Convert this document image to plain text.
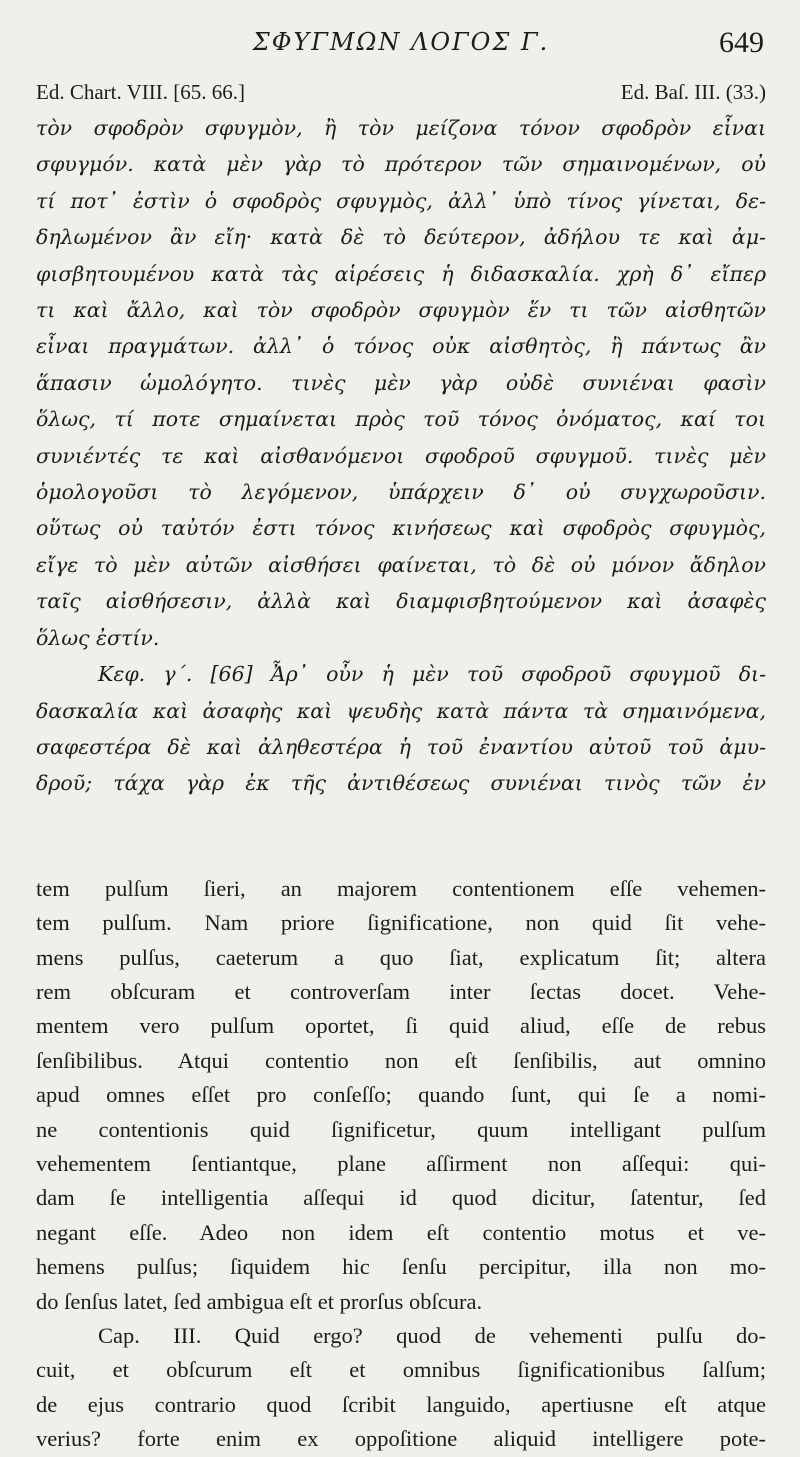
ΣΦΥΓΜΩΝ ΛΟΓΟΣ Γ.	649
Ed. Chart. VIII. [65. 66.]	Ed. Baſ. III. (33.)
τὸν σφοδρὸν σφυγμὸν, ἢ τὸν μείζονα τόνον σφοδρὸν εἶναι
σφυγμόν. κατὰ μὲν γὰρ τὸ πρότερον τῶν σημαινομένων, οὐ
τί ποτ᾿ ἐστὶν ὁ σφοδρὸς σφυγμὸς, ἀλλ᾿ ὑπὸ τίνος γίνεται, δε-
δηλωμένον ἂν εἴη· κατὰ δὲ τὸ δεύτερον, ἀδήλου τε καὶ ἀμ-
φισβητουμένου κατὰ τὰς αἱρέσεις ἡ διδασκαλία. χρὴ δ᾿ εἴπερ
τι καὶ ἄλλο, καὶ τὸν σφοδρὸν σφυγμὸν ἕν τι τῶν αἰσθητῶν
εἶναι πραγμάτων. ἀλλ᾿ ὁ τόνος οὐκ αἰσθητὸς, ἢ πάντως ἂν
ἅπασιν ὡμολόγητο. τινὲς μὲν γὰρ οὐδὲ συνιέναι φασὶν
ὅλως, τί ποτε σημαίνεται πρὸς τοῦ τόνος ὀνόματος, καί τοι
συνιέντές τε καὶ αἰσθανόμενοι σφοδροῦ σφυγμοῦ. τινὲς μὲν
ὁμολογοῦσι τὸ λεγόμενον, ὑπάρχειν δ᾿ οὐ συγχωροῦσιν.
οὕτως οὐ ταὐτόν ἐστι τόνος κινήσεως καὶ σφοδρὸς σφυγμὸς,
εἴγε τὸ μὲν αὐτῶν αἰσθήσει φαίνεται, τὸ δὲ οὐ μόνον ἄδηλον
ταῖς αἰσθήσεσιν, ἀλλὰ καὶ διαμφισβητούμενον καὶ ἀσαφὲς
ὅλως ἐστίν.
Κεφ. γ΄. [66] Ἆρ᾿ οὖν ἡ μὲν τοῦ σφοδροῦ σφυγμοῦ δι-
δασκαλία καὶ ἀσαφὴς καὶ ψευδὴς κατὰ πάντα τὰ σημαινόμενα,
σαφεστέρα δὲ καὶ ἀληθεστέρα ἡ τοῦ ἐναντίου αὐτοῦ τοῦ ἀμυ-
δροῦ; τάχα γὰρ ἐκ τῆς ἀντιθέσεως συνιέναι τινὸς τῶν ἐν
tem pulſum ſieri, an majorem contentionem eſſe vehemen-
tem pulſum. Nam priore ſignificatione, non quid ſit vehe-
mens pulſus, caeterum a quo ſiat, explicatum ſit; altera
rem obſcuram et controverſam inter ſectas docet. Vehe-
mentem vero pulſum oportet, ſi quid aliud, eſſe de rebus
ſenſibilibus. Atqui contentio non eſt ſenſibilis, aut omnino
apud omnes eſſet pro conſeſſo; quando ſunt, qui ſe a nomi-
ne contentionis quid ſignificetur, quum intelligant pulſum
vehementem ſentiantque, plane aſſirment non aſſequi: qui-
dam ſe intelligentia aſſequi id quod dicitur, ſatentur, ſed
negant eſſe. Adeo non idem eſt contentio motus et ve-
hemens pulſus; ſiquidem hic ſenſu percipitur, illa non mo-
do ſenſus latet, ſed ambigua eſt et prorſus obſcura.
Cap. III. Quid ergo? quod de vehementi pulſu do-
cuit, et obſcurum eſt et omnibus ſignificationibus ſalſum;
de ejus contrario quod ſcribit languido, apertiusne eſt atque
verius? forte enim ex oppoſitione aliquid intelligere pote-
